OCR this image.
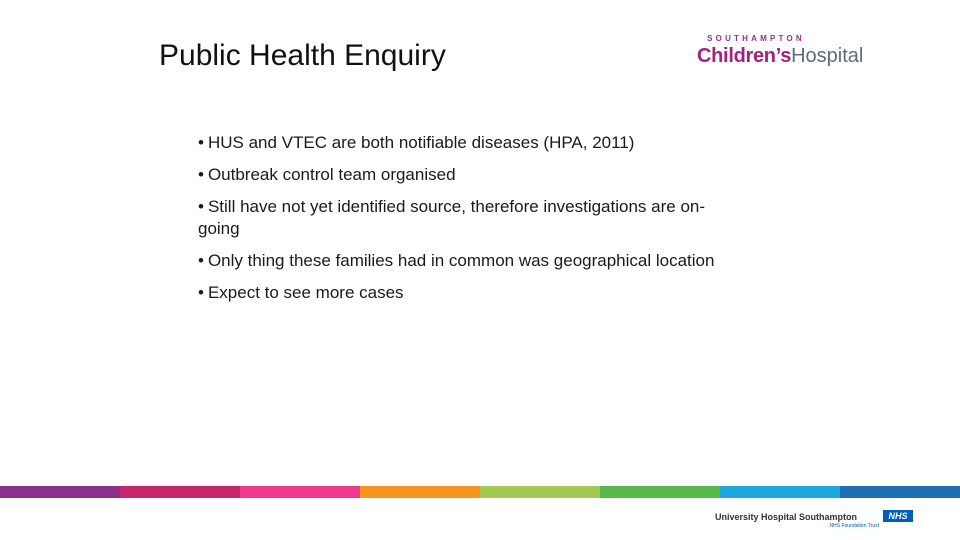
Public Health Enquiry
SOUTHAMPTON
Children’sHospital
• HUS and VTEC are both notifiable diseases (HPA, 2011)
• Outbreak control team organised
• Still have not yet identified source, therefore investigations are on-going
• Only thing these families had in common was geographical location
• Expect to see more cases
University Hospital Southampton	NHS
NHS Foundation Trust
